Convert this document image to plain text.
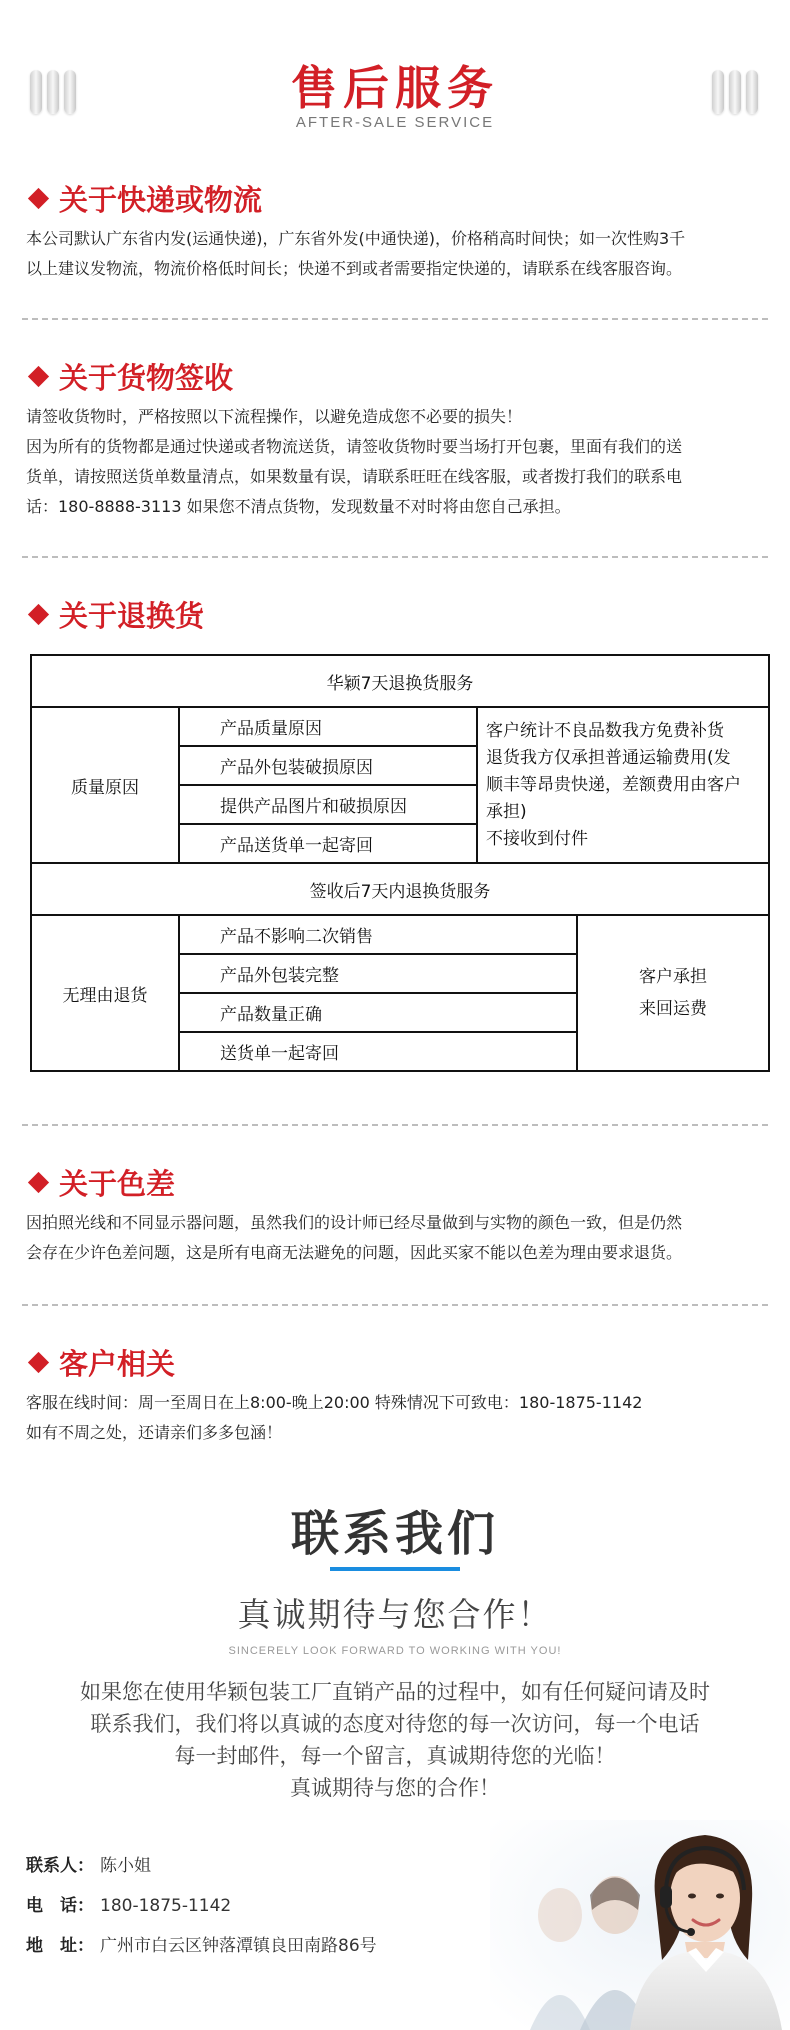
售后服务
AFTER-SALE SERVICE
关于快递或物流

本公司默认广东省内发(运通快递)，广东省外发(中通快递)，价格稍高时间快；如一次性购3千

以上建议发物流，物流价格低时间长；快递不到或者需要指定快递的，请联系在线客服咨询。

关于货物签收

请签收货物时，严格按照以下流程操作，以避免造成您不必要的损失！

因为所有的货物都是通过快递或者物流送货，请签收货物时要当场打开包裹，里面有我们的送

货单，请按照送货单数量清点，如果数量有误，请联系旺旺在线客服，或者拨打我们的联系电

话：180-8888-3113 如果您不清点货物，发现数量不对时将由您自己承担。

关于退换货
华颖7天退换货服务			
质量原因	产品质量原因	客户统计不良品数我方免费补货

退货我方仅承担普通运输费用(发

顺丰等昂贵快递，差额费用由客户

承担)

不接收到付件	

	产品外包装破损原因		
	提供产品图片和破损原因		
	产品送货单一起寄回		
签收后7天内退换货服务			
无理由退货	产品不影响二次销售		客户承担
来回运费

	产品外包装完整		
	产品数量正确		
	送货单一起寄回		
关于色差

因拍照光线和不同显示器问题，虽然我们的设计师已经尽量做到与实物的颜色一致，但是仍然

会存在少许色差问题，这是所有电商无法避免的问题，因此买家不能以色差为理由要求退货。

客户相关

客服在线时间：周一至周日在上8:00-晚上20:00 特殊情况下可致电：180-1875-1142

如有不周之处，还请亲们多多包涵！

联系我们
真诚期待与您合作！
SINCERELY LOOK FORWARD TO WORKING WITH YOU!

如果您在使用华颖包装工厂直销产品的过程中，如有任何疑问请及时

联系我们，我们将以真诚的态度对待您的每一次访问，每一个电话

每一封邮件，每一个留言，真诚期待您的光临！

真诚期待与您的合作！

联系人： 陈小姐
电　话： 180-1875-1142
地　址： 广州市白云区钟落潭镇良田南路86号
